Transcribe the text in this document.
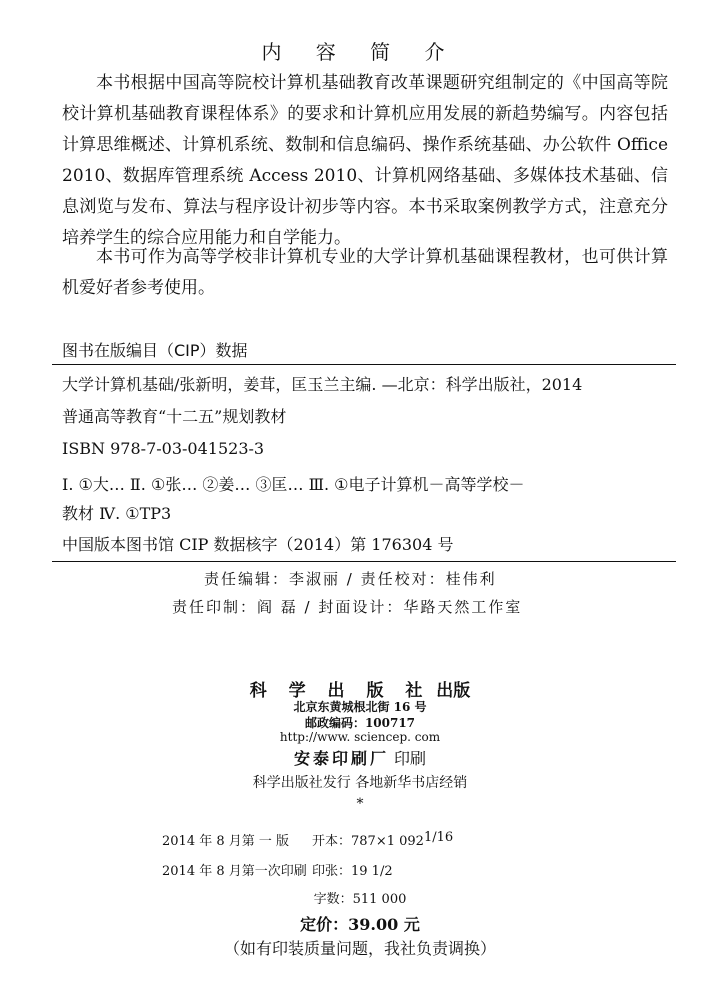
内 容 简 介
本书根据中国高等院校计算机基础教育改革课题研究组制定的《中国高等院校计算机基础教育课程体系》的要求和计算机应用发展的新趋势编写。内容包括计算思维概述、计算机系统、数制和信息编码、操作系统基础、办公软件 Office 2010、数据库管理系统 Access 2010、计算机网络基础、多媒体技术基础、信息浏览与发布、算法与程序设计初步等内容。本书采取案例教学方式，注意充分培养学生的综合应用能力和自学能力。
本书可作为高等学校非计算机专业的大学计算机基础课程教材，也可供计算机爱好者参考使用。
图书在版编目（CIP）数据
大学计算机基础/张新明，姜茸，匡玉兰主编. —北京：科学出版社，2014
普通高等教育“十二五”规划教材
ISBN 978-7-03-041523-3
Ⅰ. ①大… Ⅱ. ①张… ②姜… ③匡… Ⅲ. ①电子计算机－高等学校－
教材 Ⅳ. ①TP3
中国版本图书馆 CIP 数据核字（2014）第 176304 号
责任编辑：李淑丽 / 责任校对：桂伟利
责任印制：阎 磊 / 封面设计：华路天然工作室
科 学 出 版 社 出版
北京东黄城根北街 16 号
邮政编码：100717
http://www. sciencep. com
安泰印刷厂 印刷
科学出版社发行 各地新华书店经销
*
2014 年 8 月第 一 版 开本：787×1 092 1/16
2014 年 8 月第一次印刷 印张：19 1/2
字数：511 000
定价：39.00 元
（如有印装质量问题，我社负责调换）
